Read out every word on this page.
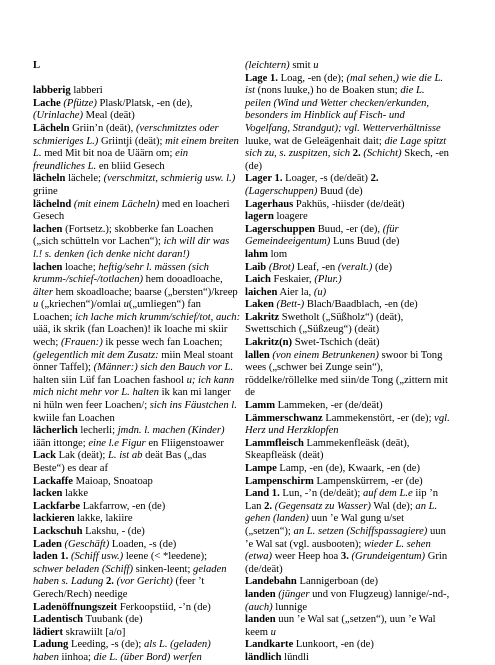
L
labberig labberi
Lache (Pfütze) Plask/Platsk, -en (de),
(Urinlache) Meal (deät)
Lächeln Griin’n (deät), (verschmitztes oder
schmieriges L.) Griintji (deät); mit einem breiten
L. med Mit bit noa de Uäärn om; ein
freundliches L. en bliid Gesech
lächeln lächele; (verschmitzt, schmierig usw. l.)
griine
lächelnd (mit einem Lächeln) med en loacheri
Gesech
lachen (Fortsetz.); skobberke fan Loachen
(„sich schütteln vor Lachen“); ich will dir was
l.! s. denken (ich denke nicht daran!)
lachen loache; heftig/sehr l. mässen (sich
krumm-/schief-/totlachen) hem dooadloache,
älter hem skoadloache; baarse („bersten“)/kreep
u („kriechen“)/omlai u(„umliegen“) fan
Loachen; ich lache mich krumm/schief/tot, auch:
uää, ik skrik (fan Loachen)! ik loache mi skiir
wech; (Frauen:) ik pesse wech fan Loachen;
(gelegentlich mit dem Zusatz: miin Meal stoant
önner Taffel); (Männer:) sich den Bauch vor L.
halten siin Lüf fan Loachen fashool u; ich kann
mich nicht mehr vor L. halten ik kan mi langer
ni hüln wen feer Loachen/; sich ins Fäustchen l.
kwiile fan Loachen
lächerlich lecherli; jmdn. l. machen (Kinder)
iään ittonge; eine l.e Figur en Fliigenstoawer
Lack Lak (deät); L. ist ab deät Bas („das
Beste“) es dear af
Lackaffe Maioap, Snoatoap
lacken lakke
Lackfarbe Lakfarrow, -en (de)
lackieren lakke, lakiire
Lackschuh Lakshu, - (de)
Laden (Geschäft) Loaden, -s (de)
laden 1. (Schiff usw.) leene (< *leedene);
schwer beladen (Schiff) sinken-leent; geladen
haben s. Ladung 2. (vor Gericht) (feer ’t
Gerech/Rech) needige
Ladenöffnungszeit Ferkoopstiid, -’n (de)
Ladentisch Tuubank (de)
lädiert skrawiilt [a/o]
Ladung Leeding, -s (de); als L. (geladen)
haben iinhoa; die L. (über Bord) werfen
(leichtern) smit u
Lage 1. Loag, -en (de); (mal sehen,) wie die L.
ist (nons luuke,) ho de Boaken stun; die L.
peilen (Wind und Wetter checken/erkunden,
besonders im Hinblick auf Fisch- und
Vogelfang, Strandgut); vgl. Wetterverhältnisse
luuke, wat de Geleägenhait dait; die Lage spitzt
sich zu, s. zuspitzen, sich 2. (Schicht) Skech, -en
(de)
Lager 1. Loager, -s (de/deät) 2.
(Lagerschuppen) Buud (de)
Lagerhaus Pakhüs, -hiisder (de/deät)
lagern loagere
Lagerschuppen Buud, -er (de), (für
Gemeindeeigentum) Luns Buud (de)
lahm lom
Laib (Brot) Leaf, -en (veralt.) (de)
Laich Feskaier, (Plur.)
laichen Aier la, (u)
Laken (Bett-) Blach/Baadblach, -en (de)
Lakritz Swetholt („Süßholz“) (deät),
Swettschich („Süßzeug“) (deät)
Lakritz(n) Swet-Tschich (deät)
lallen (von einem Betrunkenen) swoor bi Tong
wees („schwer bei Zunge sein“),
röddelke/röllelke med siin/de Tong („zittern mit
de
Lamm Lammeken, -er (de/deät)
Lämmerschwanz Lammekenstört, -er (de); vgl.
Herz und Herzklopfen
Lammfleisch Lammekenfleäsk (deät),
Skeapfleäsk (deät)
Lampe Lamp, -en (de), Kwaark, -en (de)
Lampenschirm Lampenskürrem, -er (de)
Land 1. Lun, -’n (de/deät); auf dem L.e iip ’n
Lan 2. (Gegensatz zu Wasser) Wal (de); an L.
gehen (landen) uun ’e Wal gung u/set
(„setzen“); an L. setzen (Schiffspassagiere) uun
’e Wal sat (vgl. ausbooten); wieder L. sehen
(etwa) weer Heep hoa 3. (Grundeigentum) Grin
(de/deät)
Landebahn Lannigerboan (de)
landen (jünger und von Flugzeug) lannige/-nd-,
(auch) lunnige
landen uun ’e Wal sat („setzen“), uun ’e Wal
keem u
Landkarte Lunkoort, -en (de)
ländlich lündli
